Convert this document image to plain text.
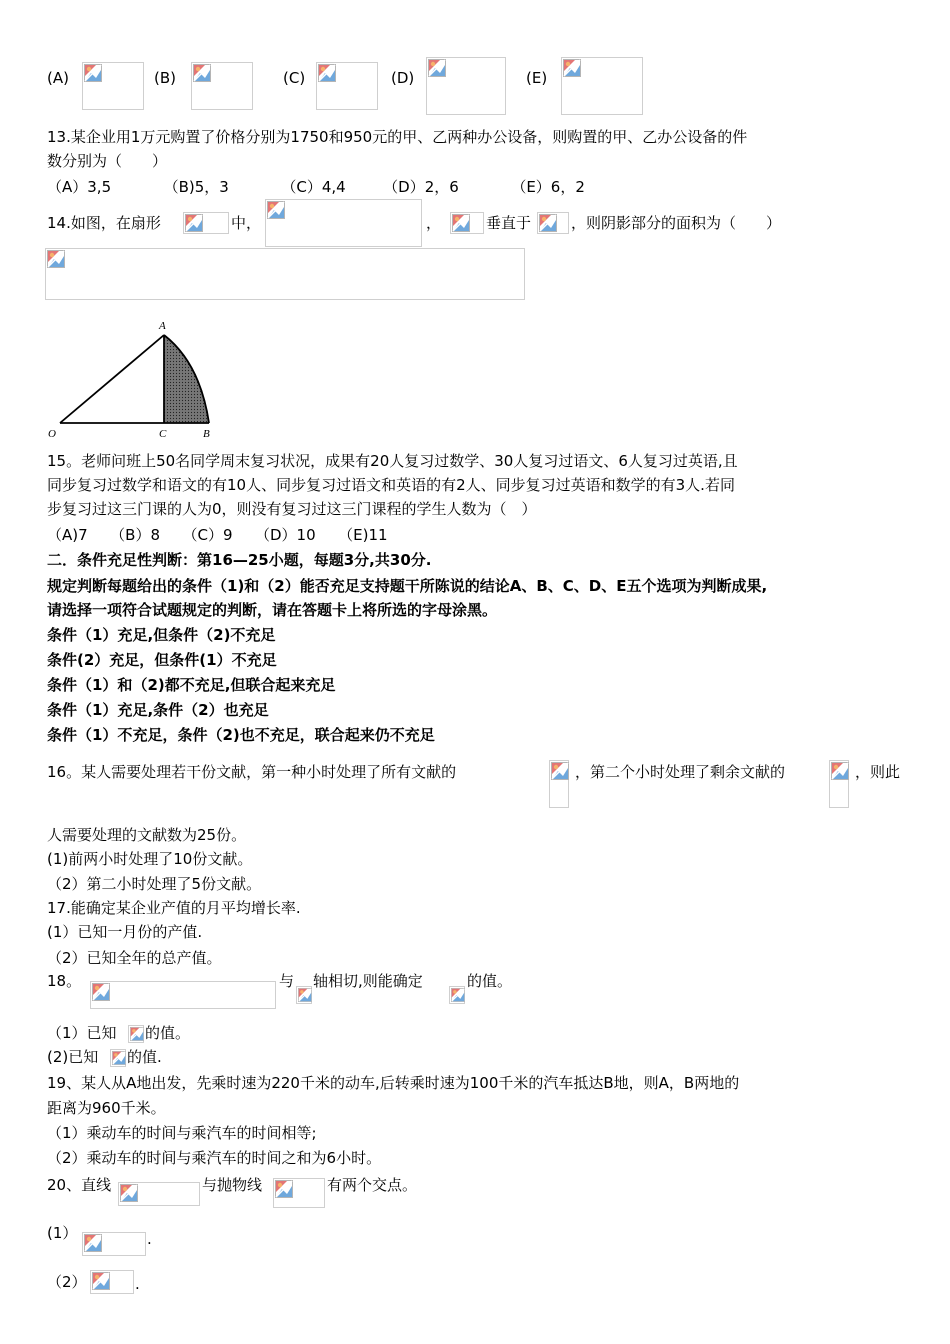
(A)	(B)	(C)	(D)	(E)
13.某企业用1万元购置了价格分别为1750和950元的甲、乙两种办公设备，则购置的甲、乙办公设备的件
数分别为（　　）
（A）3,5　　　　（B)5，3　　　　（C）4,4　　　（D）2，6　　　　（E）6，2
14.如图，在扇形	中，	，	垂直于	，则阴影部分的面积为（　　）
A
O	C	B
15。老师问班上50名同学周末复习状况，成果有20人复习过数学、30人复习过语文、6人复习过英语,且
同步复习过数学和语文的有10人、同步复习过语文和英语的有2人、同步复习过英语和数学的有3人.若同
步复习过这三门课的人为0，则没有复习过这三门课程的学生人数为（　）
（A)7　　（B）8　　（C）9　　（D）10　　（E)11
二．条件充足性判断：第16—25小题，每题3分,共30分.
规定判断每题给出的条件（1)和（2）能否充足支持题干所陈说的结论A、B、C、D、E五个选项为判断成果,
请选择一项符合试题规定的判断，请在答题卡上将所选的字母涂黑。
条件（1）充足,但条件（2)不充足
条件(2）充足，但条件(1）不充足
条件（1）和（2)都不充足,但联合起来充足
条件（1）充足,条件（2）也充足
条件（1）不充足，条件（2)也不充足，联合起来仍不充足
16。某人需要处理若干份文献，第一种小时处理了所有文献的	，第二个小时处理了剩余文献的	，则此
人需要处理的文献数为25份。
(1)前两小时处理了10份文献。
（2）第二小时处理了5份文献。
17.能确定某企业产值的月平均增长率.
(1）已知一月份的产值.
（2）已知全年的总产值。
18。	与 轴相切,则能确定	的值。
（1）已知 的值。
(2)已知 的值.
19、某人从A地出发，先乘时速为220千米的动车,后转乘时速为100千米的汽车抵达B地，则A，B两地的
距离为960千米。
（1）乘动车的时间与乘汽车的时间相等;
（2）乘动车的时间与乘汽车的时间之和为6小时。
20、直线	与抛物线	有两个交点。
(1）	.
（2）	.
